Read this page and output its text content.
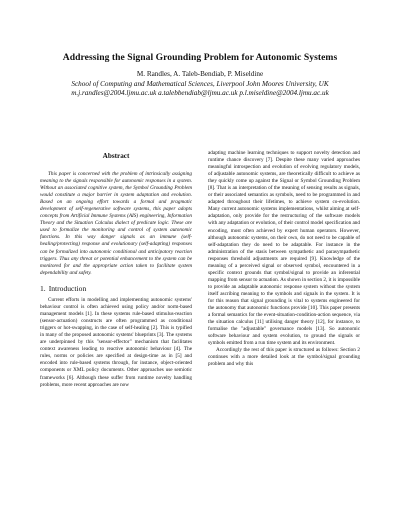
Addressing the Signal Grounding Problem for Autonomic Systems
M. Randles, A. Taleb-Bendiab, P. Miseldine
School of Computing and Mathematical Sciences, Liverpool John Moores University, UK
m.j.randles@2004.ljmu.ac.uk a.talebbendiab@ljmu.ac.uk p.l.miseldine@2004.ljmu.ac.uk
Abstract
This paper is concerned with the problem of intrinsically assigning meaning to the signals responsible for autonomic responses in a system. Without an associated cognitive system, the Symbol Grounding Problem would constitute a major barrier in system adaptation and evolution. Based on an ongoing effort towards a formal and pragmatic development of self-regenerative software systems, this paper adopts concepts from Artificial Immune Systems (AIS) engineering, Information Theory and the Situation Calculus dialect of predicate logic. These are used to formalize the monitoring and control of system autonomic functions. In this way danger signals as an immune (self-healing/protecting) response and evolutionary (self-adapting) responses can be formalized into autonomic conditional and anticipatory reaction triggers. Thus any threat or potential enhancement to the system can be monitored for and the appropriate action taken to facilitate system dependability and safety.
1. Introduction
Current efforts in modelling and implementing autonomic systems' behaviour control is often achieved using policy and/or norm-based management models [1]. In these systems rule-based stimulus-reaction (sensor-actuation) constructs are often programmed as conditional triggers or hot-swapping, in the case of self-healing [2]. This is typified in many of the proposed autonomic systems' blueprints [3]. The systems are underpinned by this "sensor-effector" mechanism that facilitates context awareness leading to reactive autonomic behaviour [4]. The rules, norms or policies are specified at design-time as in [5] and encoded into rule-based systems through, for instance, object-oriented components or XML policy documents. Other approaches use semiotic frameworks [6]. Although these suffer from runtime novelty handling problems, more recent approaches are now

adapting machine learning techniques to support novelty detection and runtime chance discovery [7]. Despite these many varied approaches meaningful introspection and evolution of evolving regulatory models, of adjustable autonomic systems, are theoretically difficult to achieve as they quickly come up against the Signal or Symbol Grounding Problem [8]. That is an interpretation of the meaning of sensing results as signals, or their associated semantics as symbols, need to be programmed in and adapted throughout their lifetimes, to achieve system co-evolution. Many current autonomic systems implementations, whilst aiming at self-adaptation, only provide for the restructuring of the software models with any adaptation or evolution, of their control model specification and encoding, most often achieved by expert human operators. However, although autonomic systems, on their own, do not need to be capable of self-adaptation they do need to be adaptable. For instance in the administration of the stasis between sympathetic and parasympathetic responses threshold adjustments are required [9]. Knowledge of the meaning of a perceived signal or observed symbol, encountered in a specific context grounds that symbol/signal to provide an inferential mapping from sensor to actuation. As shown in section 2, it is impossible to provide an adaptable autonomic response system without the system itself ascribing meaning to the symbols and signals in the system. It is for this reason that signal grounding is vital to systems engineered for the autonomy that autonomic functions provide [10]. This paper presents a formal semantics for the event-situation-condition-action sequence, via the situation calculus [11] utilising danger theory [12], for instance, to formalise the "adjustable" governance models [13]. So autonomic software behaviour and system evolution, to ground the signals or symbols emitted from a run time system and its environment.

Accordingly the rest of this paper is structured as follows: Section 2 continues with a more detailed look at the symbol/signal grounding problem and why this
